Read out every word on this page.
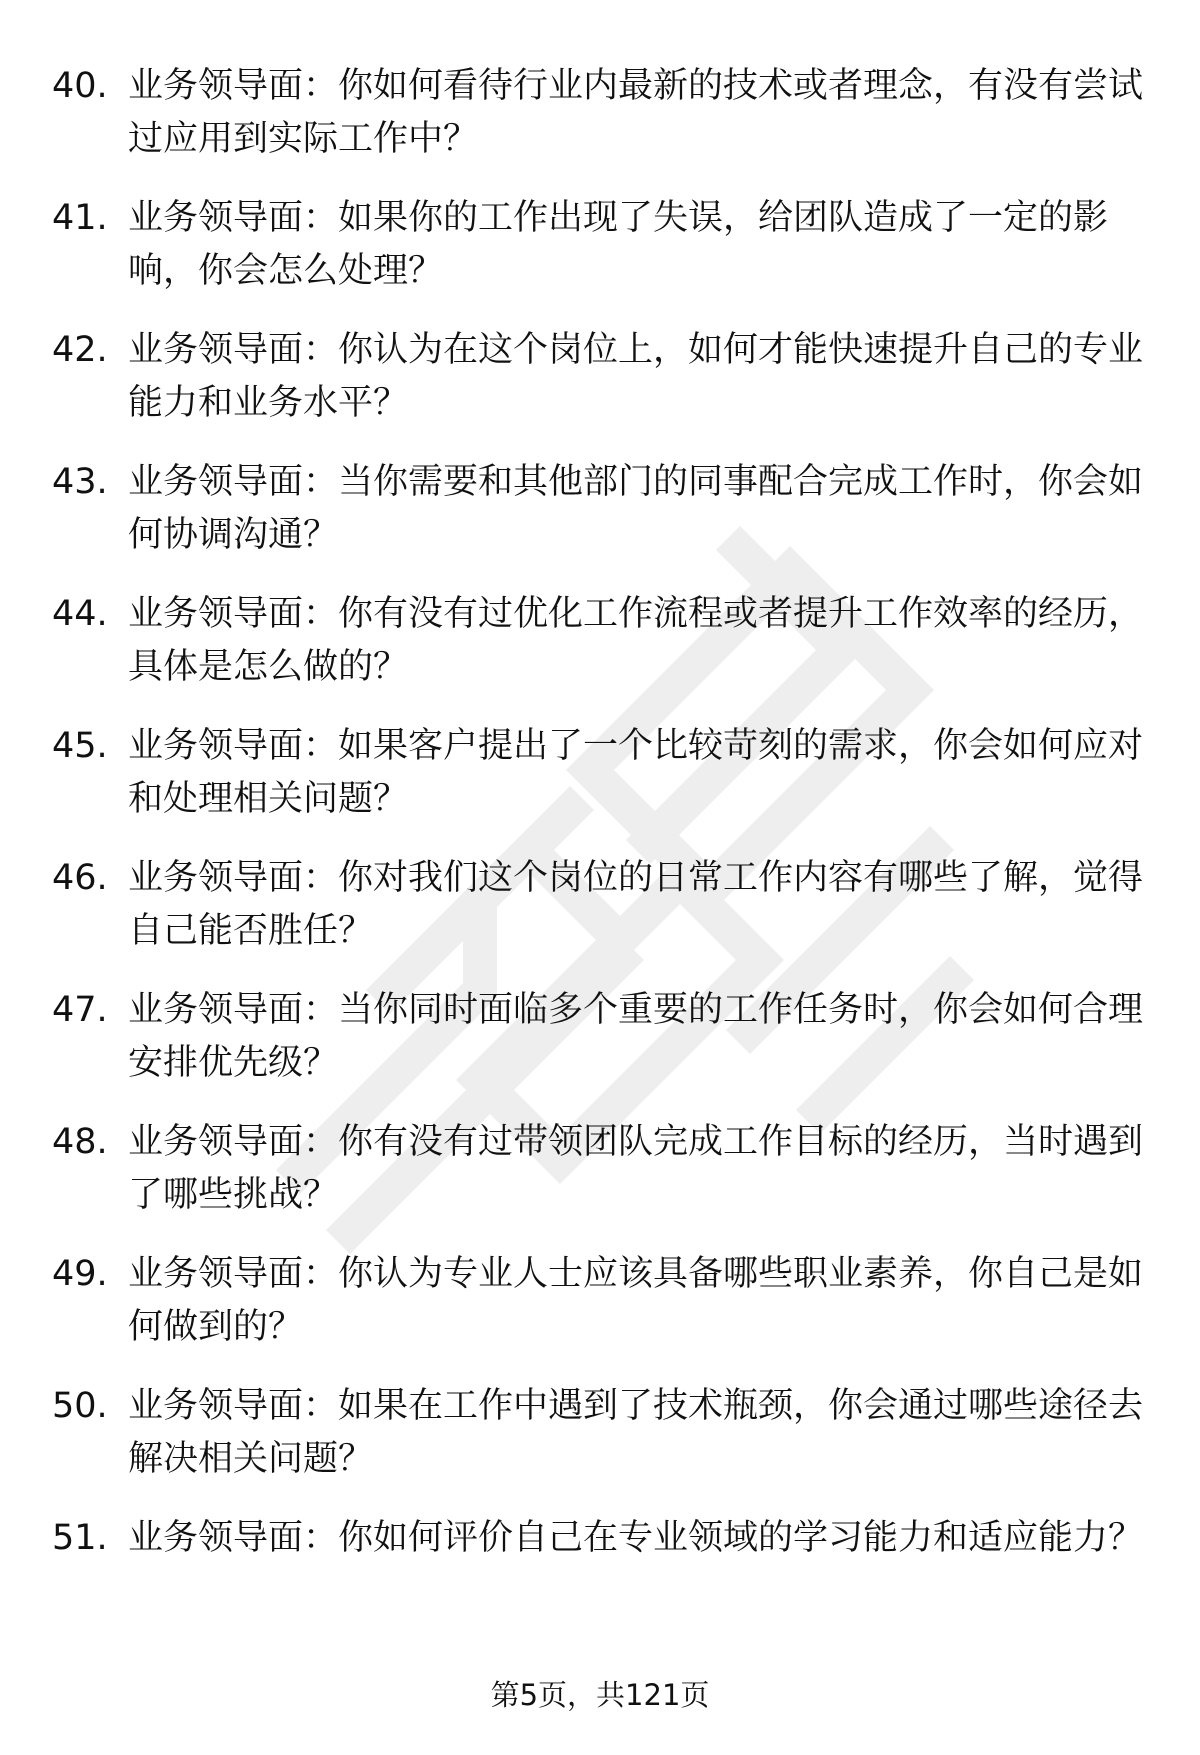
40. 业务领导面：你如何看待行业内最新的技术或者理念，有没有尝试过应用到实际工作中？
41. 业务领导面：如果你的工作出现了失误，给团队造成了一定的影响，你会怎么处理？
42. 业务领导面：你认为在这个岗位上，如何才能快速提升自己的专业能力和业务水平？
43. 业务领导面：当你需要和其他部门的同事配合完成工作时，你会如何协调沟通？
44. 业务领导面：你有没有过优化工作流程或者提升工作效率的经历，具体是怎么做的？
45. 业务领导面：如果客户提出了一个比较苛刻的需求，你会如何应对和处理相关问题？
46. 业务领导面：你对我们这个岗位的日常工作内容有哪些了解，觉得自己能否胜任？
47. 业务领导面：当你同时面临多个重要的工作任务时，你会如何合理安排优先级？
48. 业务领导面：你有没有过带领团队完成工作目标的经历，当时遇到了哪些挑战？
49. 业务领导面：你认为专业人士应该具备哪些职业素养，你自己是如何做到的？
50. 业务领导面：如果在工作中遇到了技术瓶颈，你会通过哪些途径去解决相关问题？
51. 业务领导面：你如何评价自己在专业领域的学习能力和适应能力？
第5页，共121页
